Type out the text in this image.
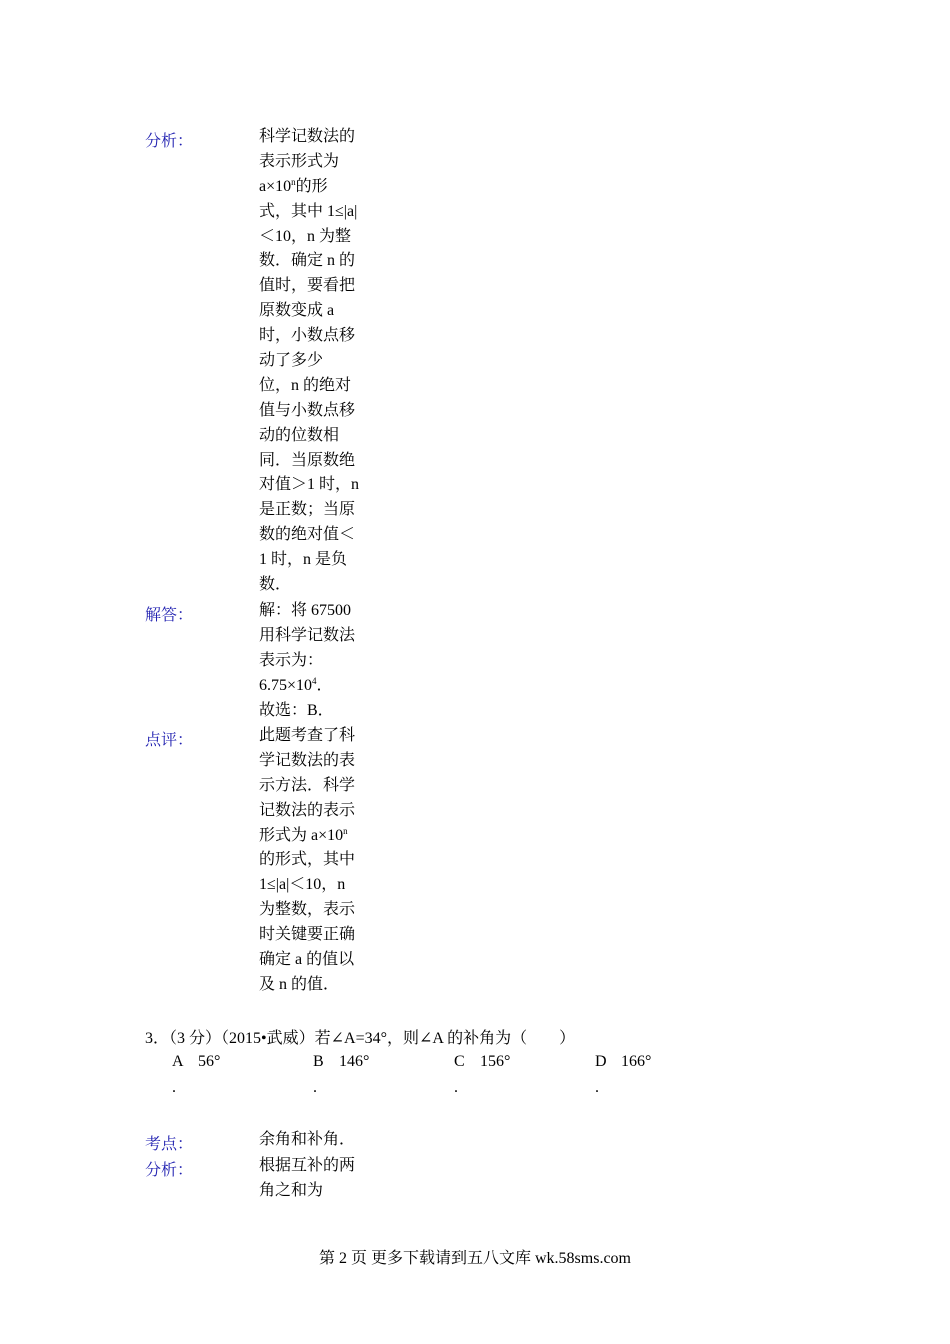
分析：	科学记数法的
表示形式为
$a\times 10^n$的形
式，其中 1≤|a|
＜10，n 为整
数．确定 n 的
值时，要看把
原数变成 a
时，小数点移
动了多少
位，n 的绝对
值与小数点移
动的位数相
同．当原数绝
对值＞1 时，n
是正数；当原
数的绝对值＜
1 时，n 是负
数．
解答：	解：将 67500
用科学记数法
表示为：
$6.75\times 10^4$．
故选：B．
点评：	此题考查了科
学记数法的表
示方法．科学
记数法的表示
形式为 $a\times 10^n$
的形式，其中
1≤|a|＜10，n
为整数，表示
时关键要正确
确定 a 的值以
及 n 的值．
3．（3 分）（2015•武威）若∠A=34°，则∠A 的补角为（　　）
A 56°
.
B 146°
.
C 156°
.
D 166°
.
考点：	余角和补角．
分析：	根据互补的两
角之和为
第 2 页 更多下载请到五八文库 wk.58sms.com
